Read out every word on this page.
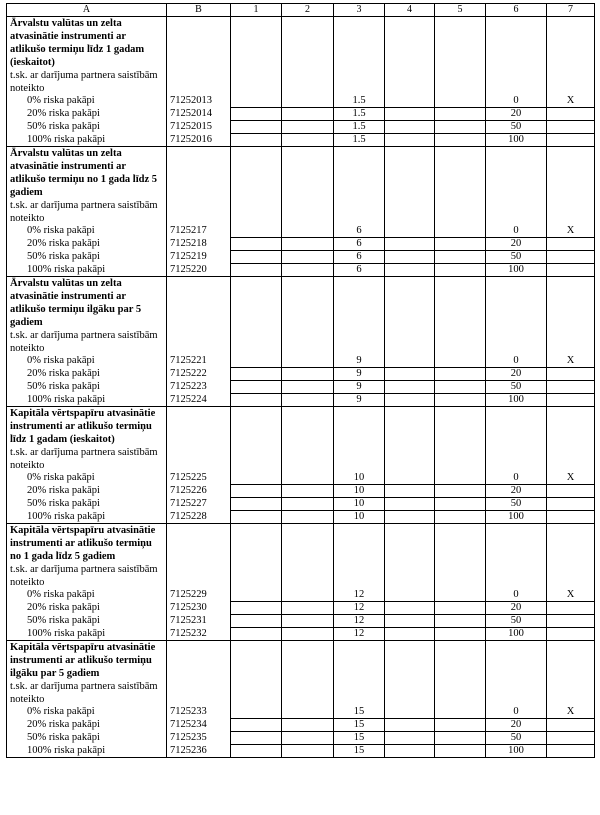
A	B	1	2	3	4	5	6	7

Ārvalstu valūtas un zelta atvasinātie instrumenti ar atlikušo termiņu līdz 1 gadam (ieskaitot)
t.sk. ar darījuma partnera saistībām noteikto								

0% riska pakāpi	71252013			1.5			0	X
20% riska pakāpi	71252014			1.5			20	
50% riska pakāpi	71252015			1.5			50	
100% riska pakāpi	71252016			1.5			100	

Ārvalstu valūtas un zelta atvasinātie instrumenti ar atlikušo termiņu no 1 gada līdz 5 gadiem
t.sk. ar darījuma partnera saistībām noteikto								

0% riska pakāpi	7125217			6			0	X
20% riska pakāpi	7125218			6			20	
50% riska pakāpi	7125219			6			50	
100% riska pakāpi	7125220			6			100	

Ārvalstu valūtas un zelta atvasinātie instrumenti ar atlikušo termiņu ilgāku par 5 gadiem
t.sk. ar darījuma partnera saistībām noteikto								

0% riska pakāpi	7125221			9			0	X
20% riska pakāpi	7125222			9			20	
50% riska pakāpi	7125223			9			50	
100% riska pakāpi	7125224			9			100	

Kapitāla vērtspapīru atvasinātie instrumenti ar atlikušo termiņu līdz 1 gadam (ieskaitot)
t.sk. ar darījuma partnera saistībām noteikto								

0% riska pakāpi	7125225			10			0	X
20% riska pakāpi	7125226			10			20	
50% riska pakāpi	7125227			10			50	
100% riska pakāpi	7125228			10			100	

Kapitāla vērtspapīru atvasinātie instrumenti ar atlikušo termiņu no 1 gada līdz 5 gadiem
t.sk. ar darījuma partnera saistībām noteikto								

0% riska pakāpi	7125229			12			0	X
20% riska pakāpi	7125230			12			20	
50% riska pakāpi	7125231			12			50	
100% riska pakāpi	7125232			12			100	

Kapitāla vērtspapīru atvasinātie instrumenti ar atlikušo termiņu ilgāku par 5 gadiem
t.sk. ar darījuma partnera saistībām noteikto								

0% riska pakāpi	7125233			15			0	X
20% riska pakāpi	7125234			15			20	
50% riska pakāpi	7125235			15			50	
100% riska pakāpi	7125236			15			100	
